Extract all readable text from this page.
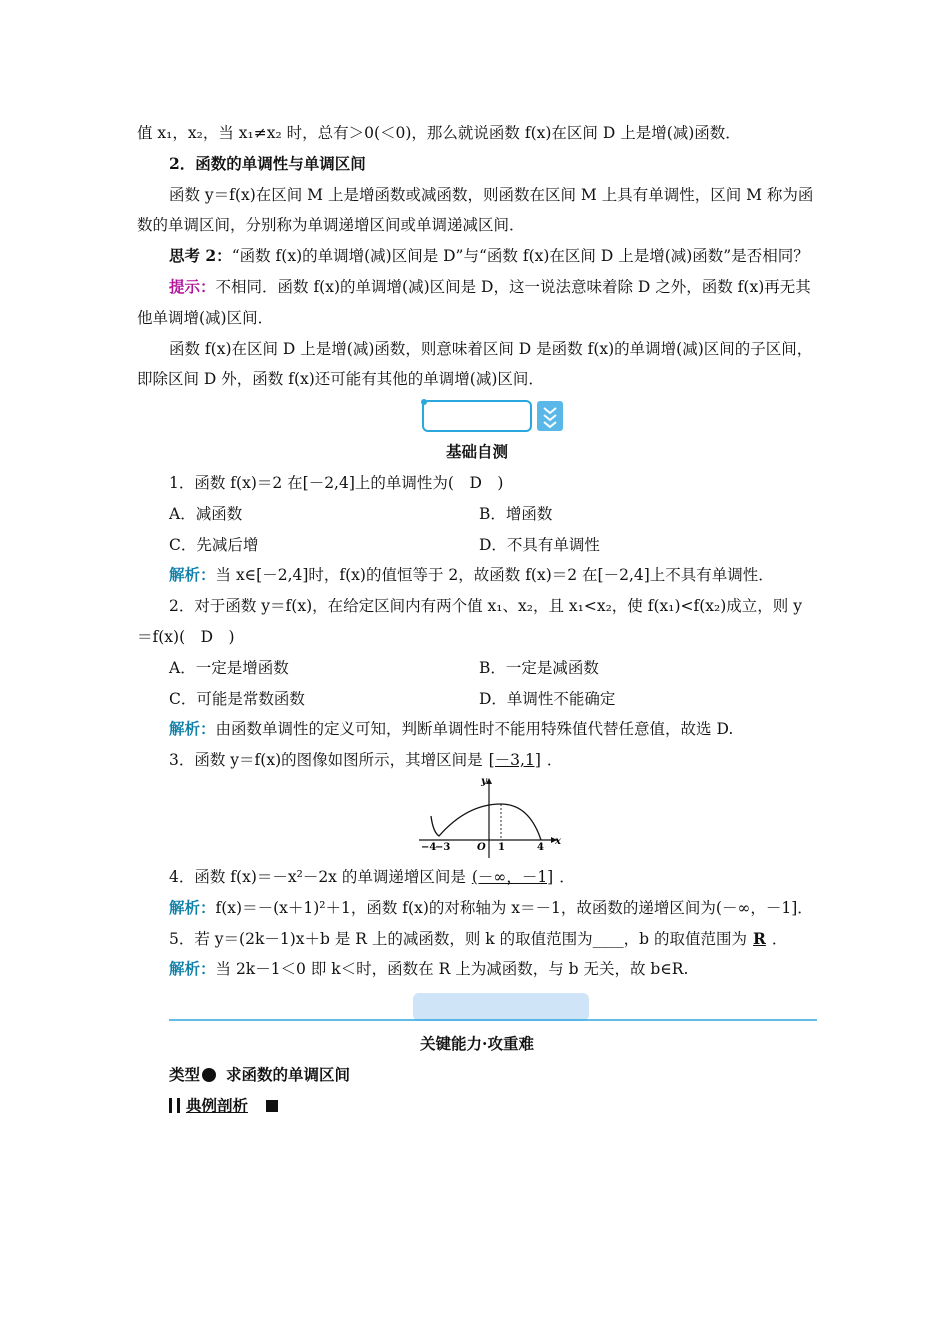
值 x₁，x₂，当 x₁≠x₂ 时，总有＞0(＜0)，那么就说函数 f(x)在区间 D 上是增(减)函数．

2．函数的单调性与单调区间

函数 y＝f(x)在区间 M 上是增函数或减函数，则函数在区间 M 上具有单调性，区间 M 称为函数的单调区间，分别称为单调递增区间或单调递减区间．

思考 2：“函数 f(x)的单调增(减)区间是 D”与“函数 f(x)在区间 D 上是增(减)函数”是否相同？

提示：不相同．函数 f(x)的单调增(减)区间是 D，这一说法意味着除 D 之外，函数 f(x)再无其他单调增(减)区间．

函数 f(x)在区间 D 上是增(减)函数，则意味着区间 D 是函数 f(x)的单调增(减)区间的子区间，即除区间 D 外，函数 f(x)还可能有其他的单调增(减)区间．

基础自测

1．函数 f(x)＝2 在[－2,4]上的单调性为(　D　)

A．减函数	B．增函数
C．先减后增	D．不具有单调性

解析：当 x∈[－2,4]时，f(x)的值恒等于 2，故函数 f(x)＝2 在[－2,4]上不具有单调性．

2．对于函数 y＝f(x)，在给定区间内有两个值 x₁、x₂，且 x₁<x₂，使 f(x₁)<f(x₂)成立，则 y＝f(x)(　D　)

A．一定是增函数	B．一定是减函数
C．可能是常数函数	D．单调性不能确定

解析：由函数单调性的定义可知，判断单调性时不能用特殊值代替任意值，故选 D.

3．函数 y＝f(x)的图像如图所示，其增区间是 [－3,1] ．

y
x
O
−4
−3	1	4

4．函数 f(x)＝－x²－2x 的单调递增区间是 (－∞，－1] ．

解析：f(x)＝－(x＋1)²＋1，函数 f(x)的对称轴为 x＝－1，故函数的递增区间为(－∞，－1]．

5．若 y＝(2k－1)x＋b 是 R 上的减函数，则 k 的取值范围为____，b 的取值范围为 R ．

解析：当 2k－1＜0 即 k＜时，函数在 R 上为减函数，与 b 无关，故 b∈R.

关键能力·攻重难

类型 求函数的单调区间

典例剖析
